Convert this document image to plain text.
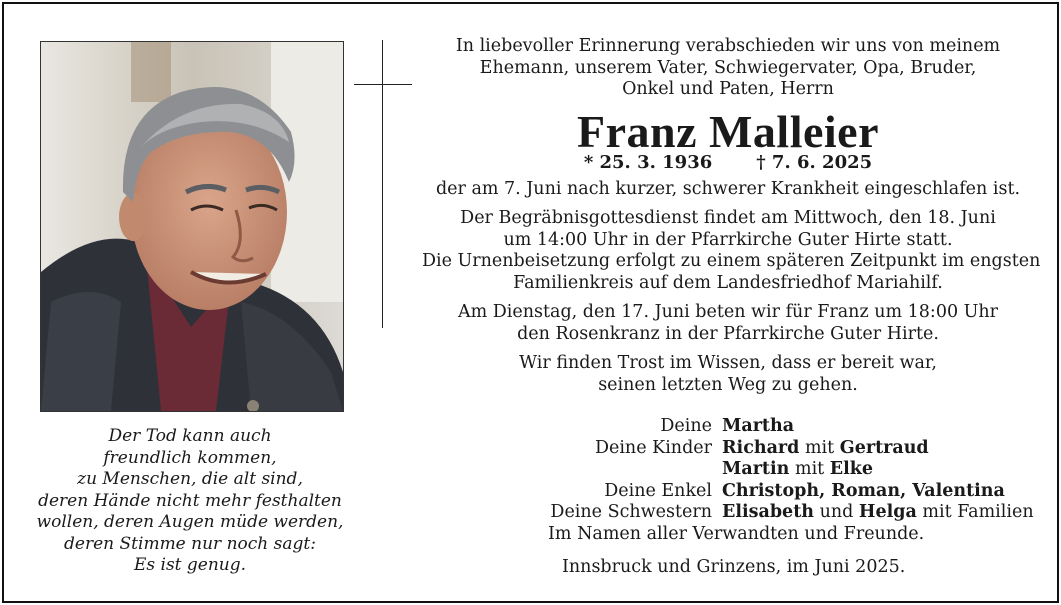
Der Tod kann auch
freundlich kommen,
zu Menschen, die alt sind,
deren Hände nicht mehr festhalten
wollen, deren Augen müde werden,
deren Stimme nur noch sagt:
Es ist genug.
In liebevoller Erinnerung verabschieden wir uns von meinem
Ehemann, unserem Vater, Schwiegervater, Opa, Bruder,
Onkel und Paten, Herrn
Franz Malleier
* 25. 3. 1936 † 7. 6. 2025
der am 7. Juni nach kurzer, schwerer Krankheit eingeschlafen ist.
Der Begräbnisgottesdienst findet am Mittwoch, den 18. Juni
um 14:00 Uhr in der Pfarrkirche Guter Hirte statt.
Die Urnenbeisetzung erfolgt zu einem späteren Zeitpunkt im engsten
Familienkreis auf dem Landesfriedhof Mariahilf.
Am Dienstag, den 17. Juni beten wir für Franz um 18:00 Uhr
den Rosenkranz in der Pfarrkirche Guter Hirte.
Wir finden Trost im Wissen, dass er bereit war,
seinen letzten Weg zu gehen.
Deine Martha
Deine Kinder Richard mit Gertraud
Martin mit Elke
Deine Enkel Christoph, Roman, Valentina
Deine Schwestern Elisabeth und Helga mit Familien
Im Namen aller Verwandten und Freunde.
Innsbruck und Grinzens, im Juni 2025.
